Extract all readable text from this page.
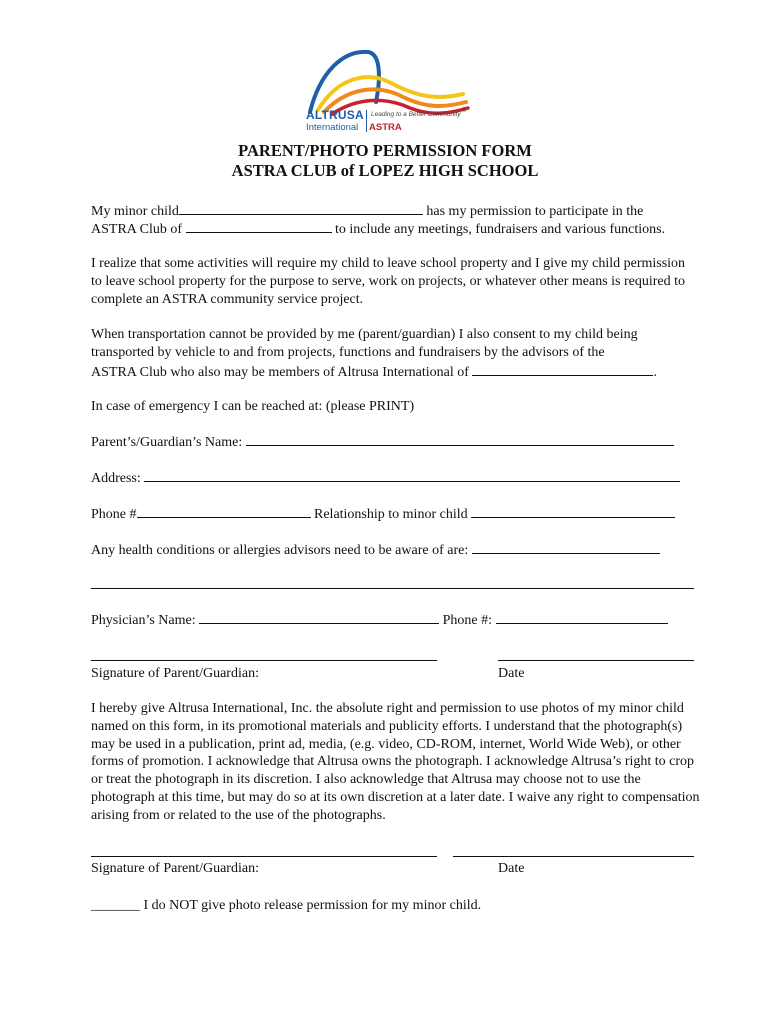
ALTRUSA
International ASTRA
Leading to a Better Community ®
PARENT/PHOTO PERMISSION FORM
ASTRA CLUB of LOPEZ HIGH SCHOOL
My minor child	has my permission to participate in the
ASTRA Club of	to include any meetings, fundraisers and various functions.
I realize that some activities will require my child to leave school property and I give my child permission to leave school property for the purpose to serve, work on projects, or whatever other means is required to complete an ASTRA community service project.
When transportation cannot be provided by me (parent/guardian) I also consent to my child being
transported by vehicle to and from projects, functions and fundraisers by the advisors of the
ASTRA Club who also may be members of Altrusa International of	.
In case of emergency I can be reached at: (please PRINT)
Parent’s/Guardian’s Name:
Address:
Phone #	Relationship to minor child
Any health conditions or allergies advisors need to be aware of are:
Physician’s Name:	Phone #:
Signature of Parent/Guardian:	Date
I hereby give Altrusa International, Inc. the absolute right and permission to use photos of my minor child named on this form, in its promotional materials and publicity efforts. I understand that the photograph(s) may be used in a publication, print ad, media, (e.g. video, CD-ROM, internet, World Wide Web), or other forms of promotion. I acknowledge that Altrusa owns the photograph. I acknowledge Altrusa’s right to crop or treat the photograph in its discretion. I also acknowledge that Altrusa may choose not to use the photograph at this time, but may do so at its own discretion at a later date. I waive any right to compensation arising from or related to the use of the photographs.
Signature of Parent/Guardian:	Date
_______ I do NOT give photo release permission for my minor child.
